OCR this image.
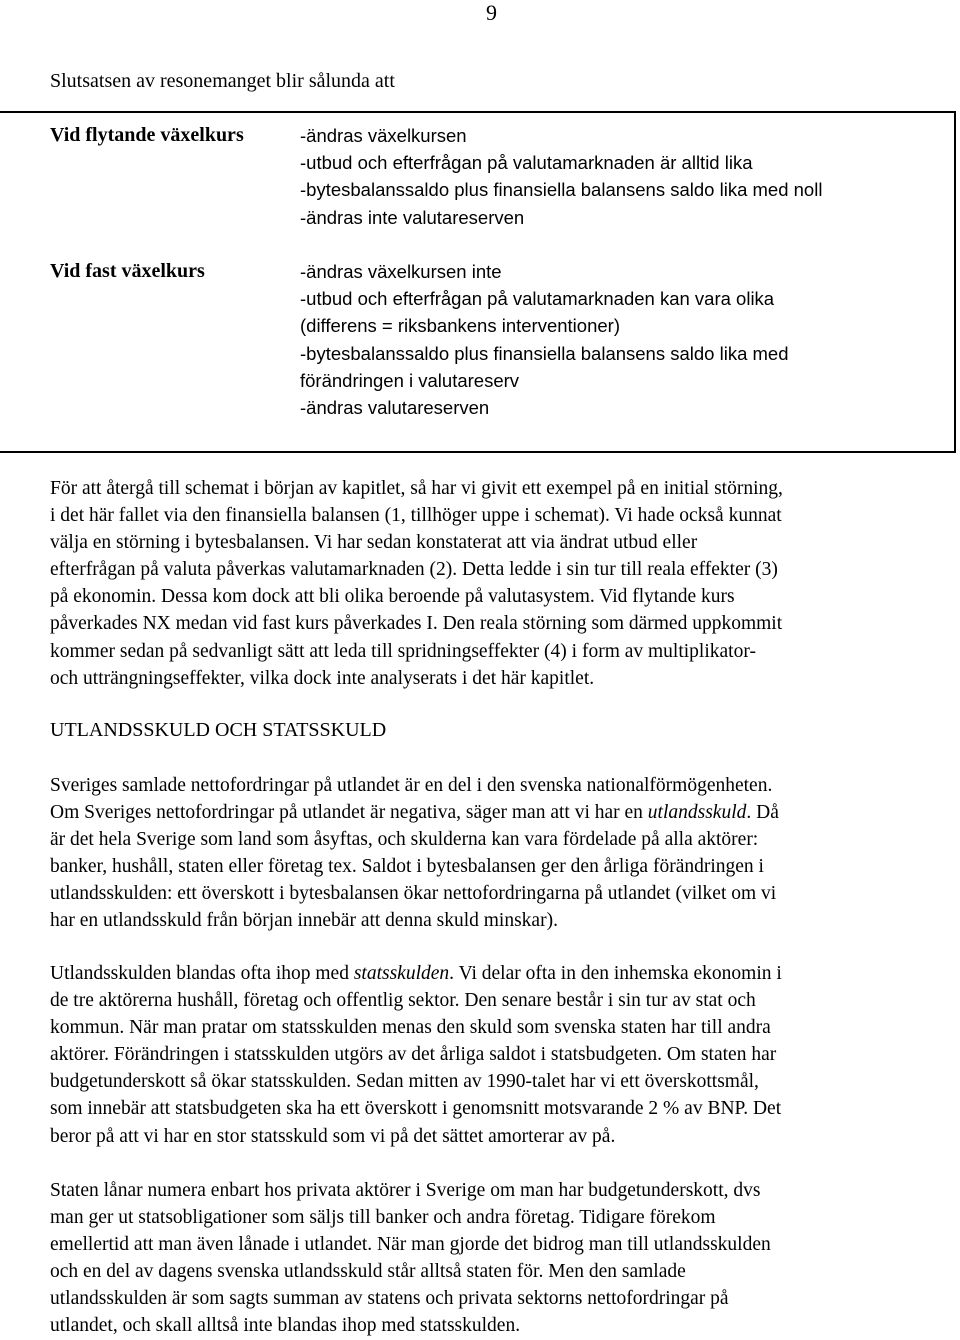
9
Slutsatsen av resonemanget blir sålunda att
Vid flytande växelkurs	-ändras växelkursen
-utbud och efterfrågan på valutamarknaden är alltid lika
-bytesbalanssaldo plus finansiella balansens saldo lika med noll
-ändras inte valutareserven
Vid fast växelkurs	-ändras växelkursen inte
-utbud och efterfrågan på valutamarknaden kan vara olika
(differens = riksbankens interventioner)
-bytesbalanssaldo plus finansiella balansens saldo lika med
förändringen i valutareserv
-ändras valutareserven
För att återgå till schemat i början av kapitlet, så har vi givit ett exempel på en initial störning,
i det här fallet via den finansiella balansen (1, tillhöger uppe i schemat). Vi hade också kunnat
välja en störning i bytesbalansen. Vi har sedan konstaterat att via ändrat utbud eller
efterfrågan på valuta påverkas valutamarknaden (2). Detta ledde i sin tur till reala effekter (3)
på ekonomin. Dessa kom dock att bli olika beroende på valutasystem. Vid flytande kurs
påverkades NX medan vid fast kurs påverkades I. Den reala störning som därmed uppkommit
kommer sedan på sedvanligt sätt att leda till spridningseffekter (4) i form av multiplikator-
och utträngningseffekter, vilka dock inte analyserats i det här kapitlet.
UTLANDSSKULD OCH STATSSKULD
Sveriges samlade nettofordringar på utlandet är en del i den svenska nationalförmögenheten.
Om Sveriges nettofordringar på utlandet är negativa, säger man att vi har en utlandsskuld. Då
är det hela Sverige som land som åsyftas, och skulderna kan vara fördelade på alla aktörer:
banker, hushåll, staten eller företag tex. Saldot i bytesbalansen ger den årliga förändringen i
utlandsskulden: ett överskott i bytesbalansen ökar nettofordringarna på utlandet (vilket om vi
har en utlandsskuld från början innebär att denna skuld minskar).
Utlandsskulden blandas ofta ihop med statsskulden. Vi delar ofta in den inhemska ekonomin i
de tre aktörerna hushåll, företag och offentlig sektor. Den senare består i sin tur av stat och
kommun. När man pratar om statsskulden menas den skuld som svenska staten har till andra
aktörer. Förändringen i statsskulden utgörs av det årliga saldot i statsbudgeten. Om staten har
budgetunderskott så ökar statsskulden. Sedan mitten av 1990-talet har vi ett överskottsmål,
som innebär att statsbudgeten ska ha ett överskott i genomsnitt motsvarande 2 % av BNP. Det
beror på att vi har en stor statsskuld som vi på det sättet amorterar av på.
Staten lånar numera enbart hos privata aktörer i Sverige om man har budgetunderskott, dvs
man ger ut statsobligationer som säljs till banker och andra företag. Tidigare förekom
emellertid att man även lånade i utlandet. När man gjorde det bidrog man till utlandsskulden
och en del av dagens svenska utlandsskuld står alltså staten för. Men den samlade
utlandsskulden är som sagts summan av statens och privata sektorns nettofordringar på
utlandet, och skall alltså inte blandas ihop med statsskulden.
